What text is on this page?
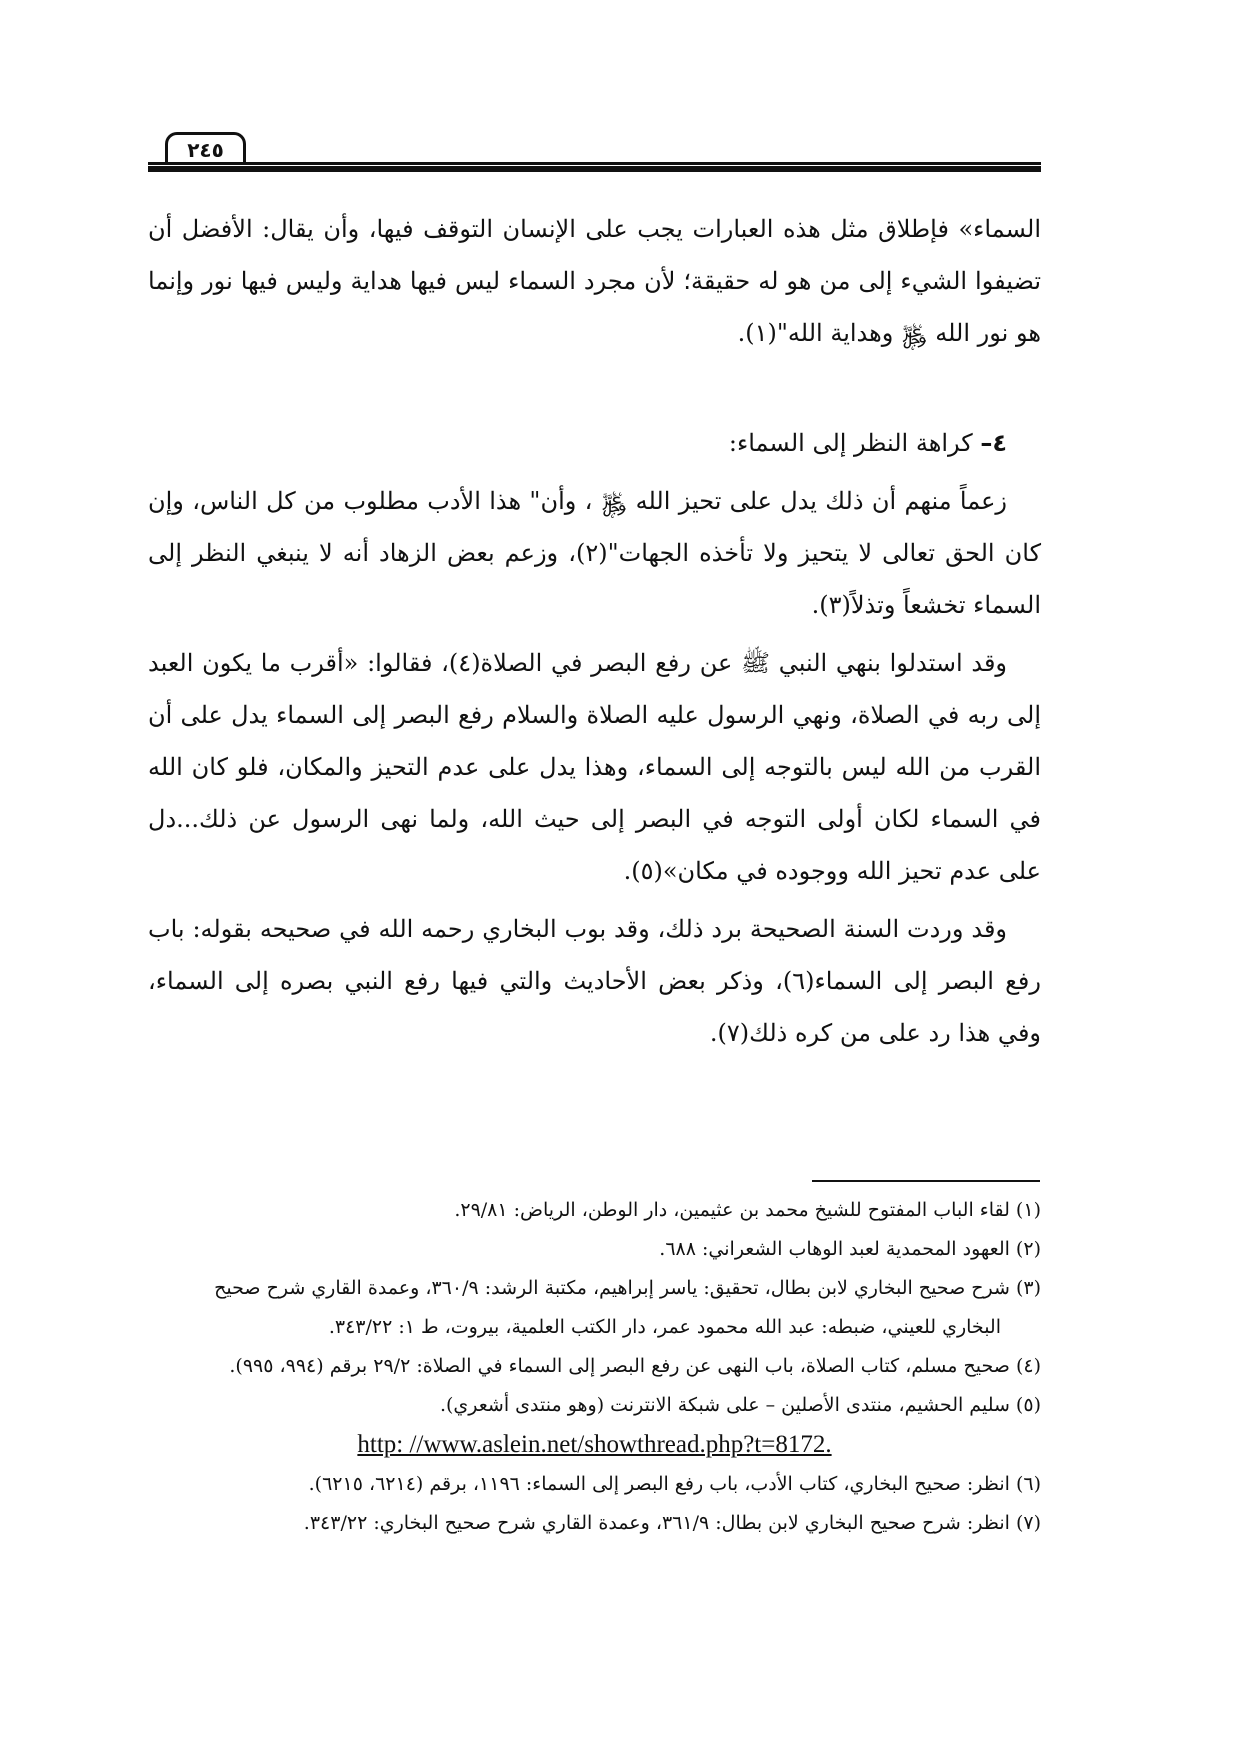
٢٤٥

السماء» فإطلاق مثل هذه العبارات يجب على الإنسان التوقف فيها، وأن يقال: الأفضل أن تضيفوا الشيء إلى من هو له حقيقة؛ لأن مجرد السماء ليس فيها هداية وليس فيها نور وإنما هو نور الله ﷿ وهداية الله"(١).

٤– كراهة النظر إلى السماء:

زعماً منهم أن ذلك يدل على تحيز الله ﷿ ، وأن" هذا الأدب مطلوب من كل الناس، وإن كان الحق تعالى لا يتحيز ولا تأخذه الجهات"(٢)، وزعم بعض الزهاد أنه لا ينبغي النظر إلى السماء تخشعاً وتذلاً(٣).

وقد استدلوا بنهي النبي ﷺ عن رفع البصر في الصلاة(٤)، فقالوا: «أقرب ما يكون العبد إلى ربه في الصلاة، ونهي الرسول عليه الصلاة والسلام رفع البصر إلى السماء يدل على أن القرب من الله ليس بالتوجه إلى السماء، وهذا يدل على عدم التحيز والمكان، فلو كان الله في السماء لكان أولى التوجه في البصر إلى حيث الله، ولما نهى الرسول عن ذلك...دل على عدم تحيز الله ووجوده في مكان»(٥).

وقد وردت السنة الصحيحة برد ذلك، وقد بوب البخاري رحمه الله في صحيحه بقوله: باب رفع البصر إلى السماء(٦)، وذكر بعض الأحاديث والتي فيها رفع النبي بصره إلى السماء، وفي هذا رد على من كره ذلك(٧).

(١) لقاء الباب المفتوح للشيخ محمد بن عثيمين، دار الوطن، الرياض: ٢٩/٨١.

(٢) العهود المحمدية لعبد الوهاب الشعراني: ٦٨٨.

(٣) شرح صحيح البخاري لابن بطال، تحقيق: ياسر إبراهيم، مكتبة الرشد: ٣٦٠/٩، وعمدة القاري شرح صحيح

البخاري للعيني، ضبطه: عبد الله محمود عمر، دار الكتب العلمية، بيروت، ط ١: ٣٤٣/٢٢.

(٤) صحيح مسلم، كتاب الصلاة، باب النهى عن رفع البصر إلى السماء في الصلاة: ٢٩/٢ برقم (٩٩٤، ٩٩٥).

(٥) سليم الحشيم، منتدى الأصلين – على شبكة الانترنت (وهو منتدى أشعري).

http: //www.aslein.net/showthread.php?t=8172.

(٦) انظر: صحيح البخاري، كتاب الأدب، باب رفع البصر إلى السماء: ١١٩٦، برقم (٦٢١٤، ٦٢١٥).

(٧) انظر: شرح صحيح البخاري لابن بطال: ٣٦١/٩، وعمدة القاري شرح صحيح البخاري: ٣٤٣/٢٢.
